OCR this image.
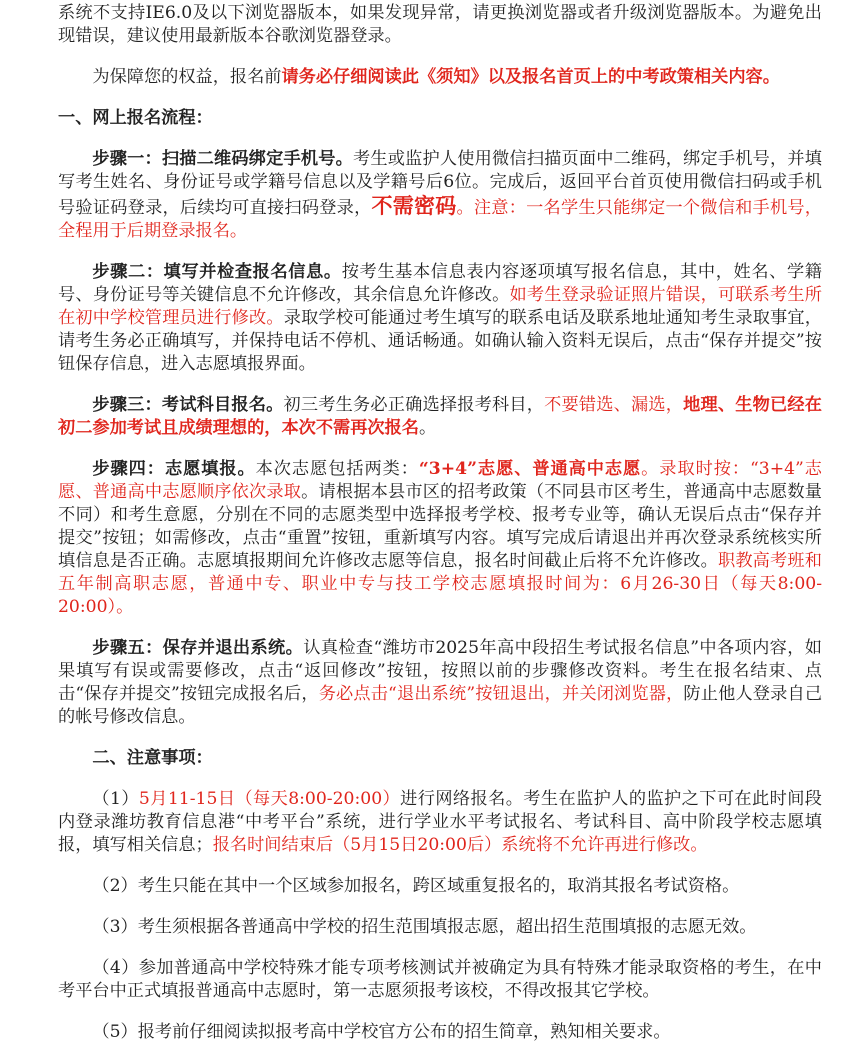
系统不支持IE6.0及以下浏览器版本，如果发现异常，请更换浏览器或者升级浏览器版本。为避免出现错误，建议使用最新版本谷歌浏览器登录。

为保障您的权益，报名前请务必仔细阅读此《须知》以及报名首页上的中考政策相关内容。

一、网上报名流程：

步骤一：扫描二维码绑定手机号。考生或监护人使用微信扫描页面中二维码，绑定手机号，并填写考生姓名、身份证号或学籍号信息以及学籍号后6位。完成后，返回平台首页使用微信扫码或手机号验证码登录，后续均可直接扫码登录，不需密码。注意：一名学生只能绑定一个微信和手机号，全程用于后期登录报名。

步骤二：填写并检查报名信息。按考生基本信息表内容逐项填写报名信息，其中，姓名、学籍号、身份证号等关键信息不允许修改，其余信息允许修改。如考生登录验证照片错误，可联系考生所在初中学校管理员进行修改。录取学校可能通过考生填写的联系电话及联系地址通知考生录取事宜，请考生务必正确填写，并保持电话不停机、通话畅通。如确认输入资料无误后，点击“保存并提交”按钮保存信息，进入志愿填报界面。

步骤三：考试科目报名。初三考生务必正确选择报考科目，不要错选、漏选，地理、生物已经在初二参加考试且成绩理想的，本次不需再次报名。

步骤四：志愿填报。本次志愿包括两类：“3+4”志愿、普通高中志愿。录取时按：“3+4”志愿、普通高中志愿顺序依次录取。请根据本县市区的招考政策（不同县市区考生，普通高中志愿数量不同）和考生意愿，分别在不同的志愿类型中选择报考学校、报考专业等，确认无误后点击“保存并提交”按钮；如需修改，点击“重置”按钮，重新填写内容。填写完成后请退出并再次登录系统核实所填信息是否正确。志愿填报期间允许修改志愿等信息，报名时间截止后将不允许修改。职教高考班和五年制高职志愿，普通中专、职业中专与技工学校志愿填报时间为：6月26-30日（每天8:00-20:00）。

步骤五：保存并退出系统。认真检查“潍坊市2025年高中段招生考试报名信息”中各项内容，如果填写有误或需要修改，点击“返回修改”按钮，按照以前的步骤修改资料。考生在报名结束、点击“保存并提交”按钮完成报名后，务必点击“退出系统”按钮退出，并关闭浏览器，防止他人登录自己的帐号修改信息。

二、注意事项：

（1）5月11-15日（每天8:00-20:00）进行网络报名。考生在监护人的监护之下可在此时间段内登录潍坊教育信息港“中考平台”系统，进行学业水平考试报名、考试科目、高中阶段学校志愿填报，填写相关信息；报名时间结束后（5月15日20:00后）系统将不允许再进行修改。

（2）考生只能在其中一个区域参加报名，跨区域重复报名的，取消其报名考试资格。

（3）考生须根据各普通高中学校的招生范围填报志愿，超出招生范围填报的志愿无效。

（4）参加普通高中学校特殊才能专项考核测试并被确定为具有特殊才能录取资格的考生，在中考平台中正式填报普通高中志愿时，第一志愿须报考该校，不得改报其它学校。

（5）报考前仔细阅读拟报考高中学校官方公布的招生简章，熟知相关要求。
